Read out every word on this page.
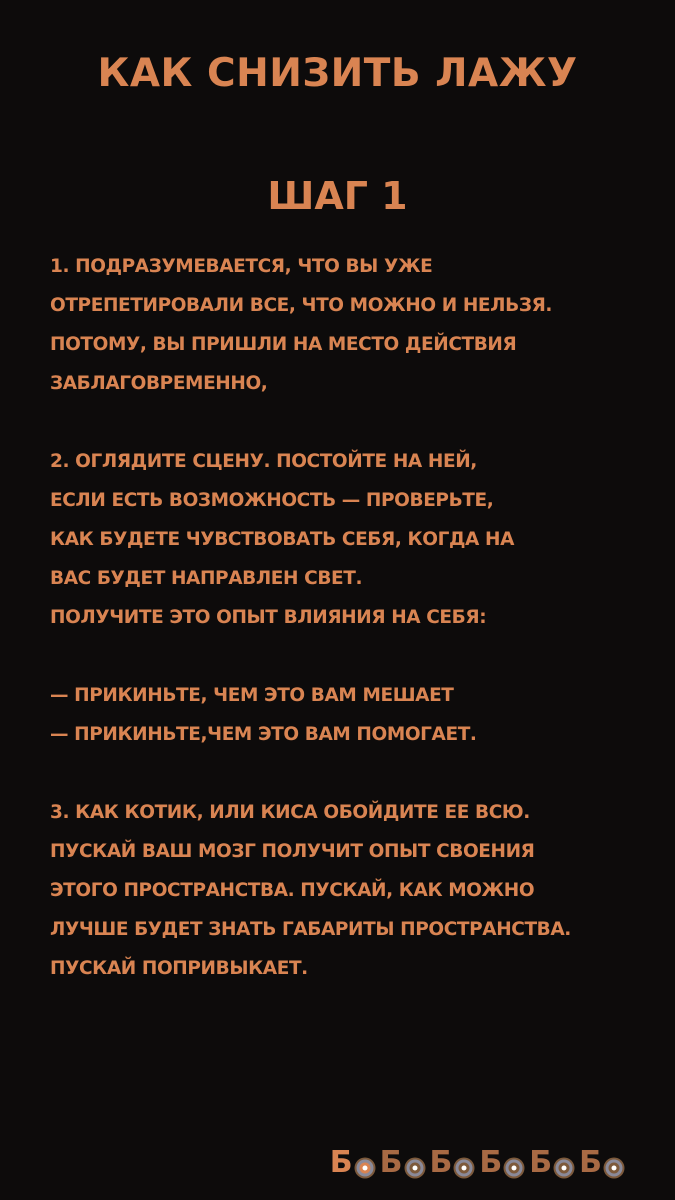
КАК СНИЗИТЬ ЛАЖУ
ШАГ 1
1. ПОДРАЗУМЕВАЕТСЯ, ЧТО ВЫ УЖЕ
ОТРЕПЕТИРОВАЛИ ВСЕ, ЧТО МОЖНО И НЕЛЬЗЯ.
ПОТОМУ, ВЫ ПРИШЛИ НА МЕСТО ДЕЙСТВИЯ
ЗАБЛАГОВРЕМЕННО,
2. ОГЛЯДИТЕ СЦЕНУ. ПОСТОЙТЕ НА НЕЙ,
ЕСЛИ ЕСТЬ ВОЗМОЖНОСТЬ — ПРОВЕРЬТЕ,
КАК БУДЕТЕ ЧУВСТВОВАТЬ СЕБЯ, КОГДА НА
ВАС БУДЕТ НАПРАВЛЕН СВЕТ.
ПОЛУЧИТЕ ЭТО ОПЫТ ВЛИЯНИЯ НА СЕБЯ:
— ПРИКИНЬТЕ, ЧЕМ ЭТО ВАМ МЕШАЕТ
— ПРИКИНЬТЕ,ЧЕМ ЭТО ВАМ ПОМОГАЕТ.
3. КАК КОТИК, ИЛИ КИСА ОБОЙДИТЕ ЕЕ ВСЮ.
ПУСКАЙ ВАШ МОЗГ ПОЛУЧИТ ОПЫТ СВОЕНИЯ
ЭТОГО ПРОСТРАНСТВА. ПУСКАЙ, КАК МОЖНО
ЛУЧШЕ БУДЕТ ЗНАТЬ ГАБАРИТЫ ПРОСТРАНСТВА.
ПУСКАЙ ПОПРИВЫКАЕТ.
Б Б Б Б Б Б
